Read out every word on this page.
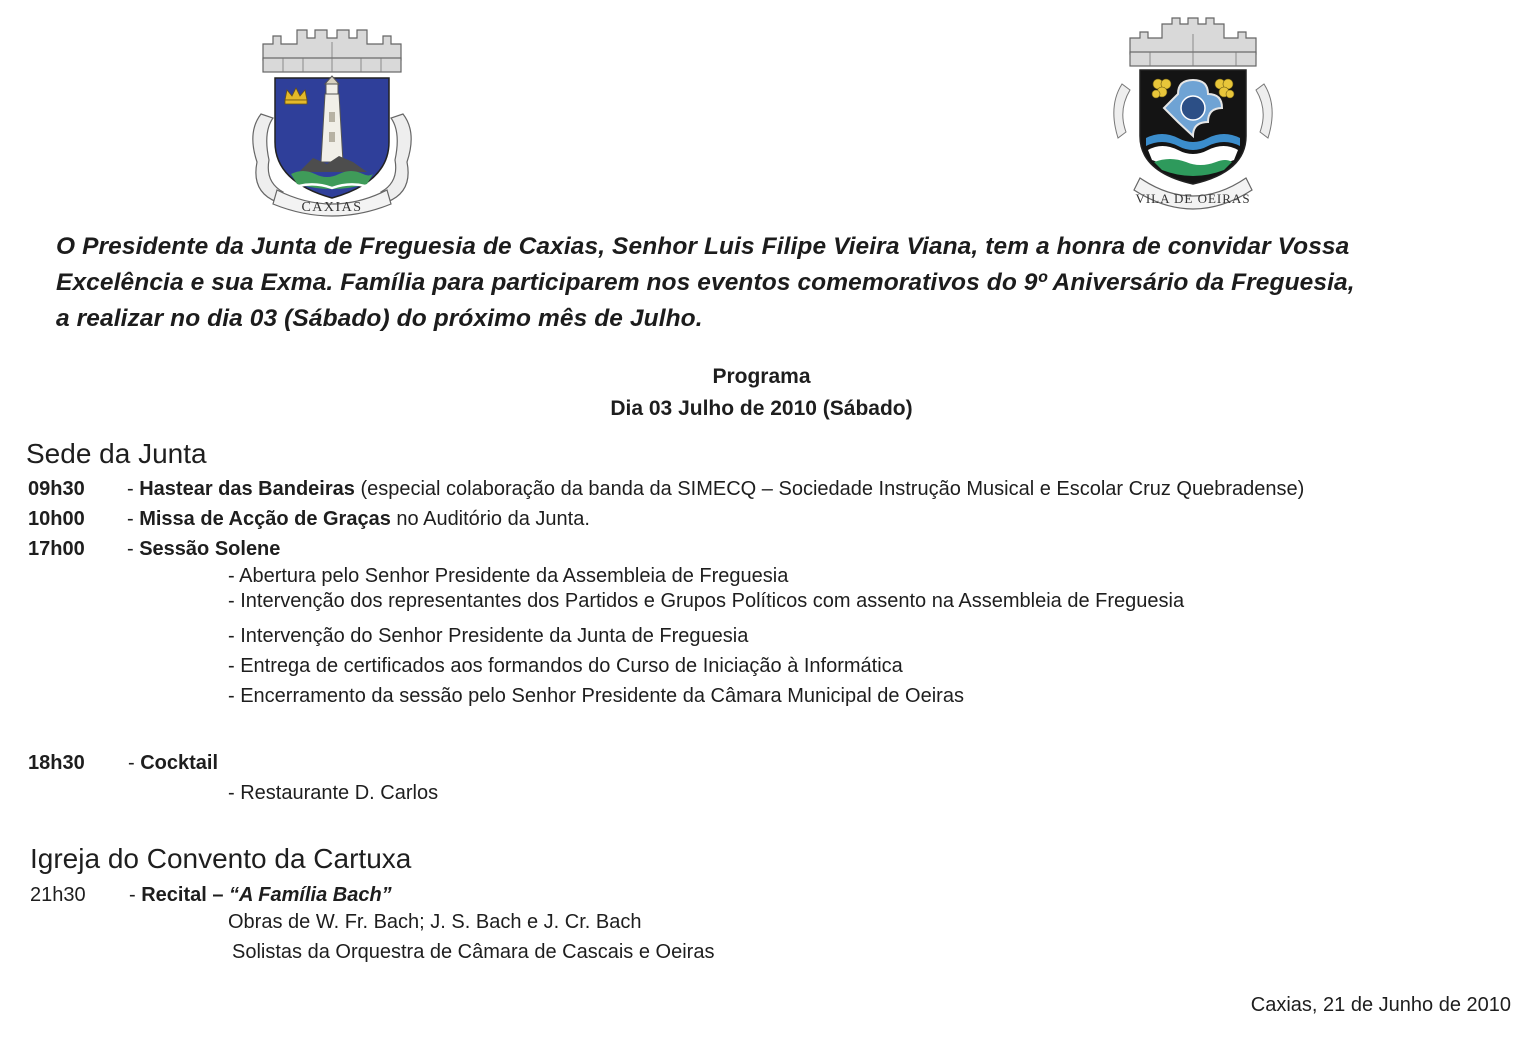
CAXIAS
VILA DE OEIRAS
O Presidente da Junta de Freguesia de Caxias, Senhor Luis Filipe Vieira Viana, tem a honra de convidar Vossa
Excelência e sua Exma. Família para participarem nos eventos comemorativos do 9º Aniversário da Freguesia,
a realizar no dia 03 (Sábado) do próximo mês de Julho.
Programa
Dia 03 Julho de 2010 (Sábado)
Sede da Junta
09h30 - Hastear das Bandeiras (especial colaboração da banda da SIMECQ – Sociedade Instrução Musical e Escolar Cruz Quebradense)
10h00 - Missa de Acção de Graças no Auditório da Junta.
17h00 - Sessão Solene
- Abertura pelo Senhor Presidente da Assembleia de Freguesia
- Intervenção dos representantes dos Partidos e Grupos Políticos com assento na Assembleia de Freguesia
- Intervenção do Senhor Presidente da Junta de Freguesia
- Entrega de certificados aos formandos do Curso de Iniciação à Informática
- Encerramento da sessão pelo Senhor Presidente da Câmara Municipal de Oeiras
18h30 - Cocktail
- Restaurante D. Carlos
Igreja do Convento da Cartuxa
21h30 - Recital – “A Família Bach”
Obras de W. Fr. Bach; J. S. Bach e J. Cr. Bach
Solistas da Orquestra de Câmara de Cascais e Oeiras
Caxias, 21 de Junho de 2010
